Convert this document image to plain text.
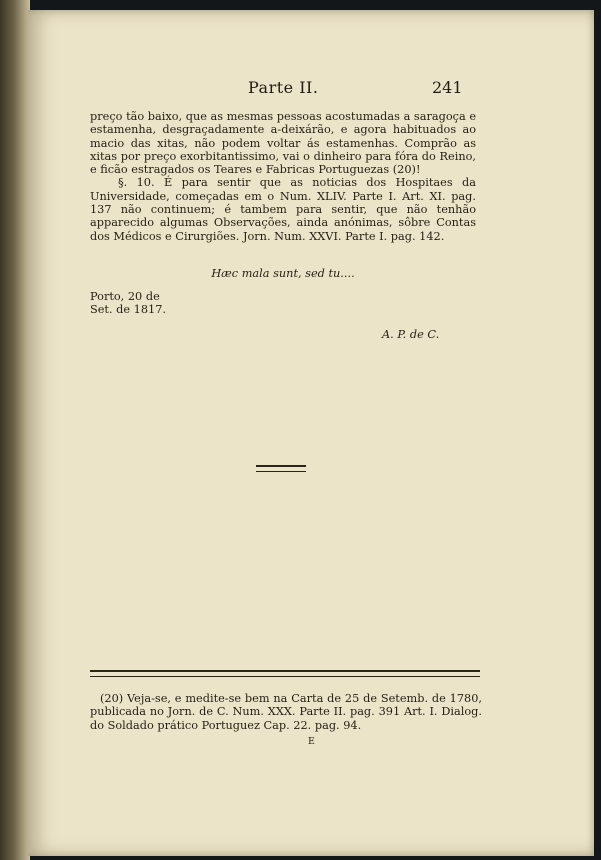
Parte II.	241

preço tão baixo, que as mesmas pessoas acostumadas a saragoça e estamenha, desgraçadamente a-deixárão, e agora habituados ao macio das xitas, não podem voltar ás estamenhas. Comprão as xitas por preço exorbitantissimo, vai o dinheiro para fóra do Reino, e ficão estragados os Teares e Fabricas Portuguezas (20)!

§. 10. É para sentir que as noticias dos Hospitaes da Universidade, começadas em o Num. XLIV. Parte I. Art. XI. pag. 137 não continuem; é tambem para sentir, que não tenhão apparecido algumas Observações, ainda anónimas, sôbre Contas dos Médicos e Cirurgiões. Jorn. Num. XXVI. Parte I. pag. 142.

Hæc mala sunt, sed tu....
Porto, 20 de
Set. de 1817.
A. P. de C.

(20) Veja-se, e medite-se bem na Carta de 25 de Setemb. de 1780, publicada no Jorn. de C. Num. XXX. Parte II. pag. 391 Art. I. Dialog. do Soldado prático Portuguez Cap. 22. pag. 94.

E
